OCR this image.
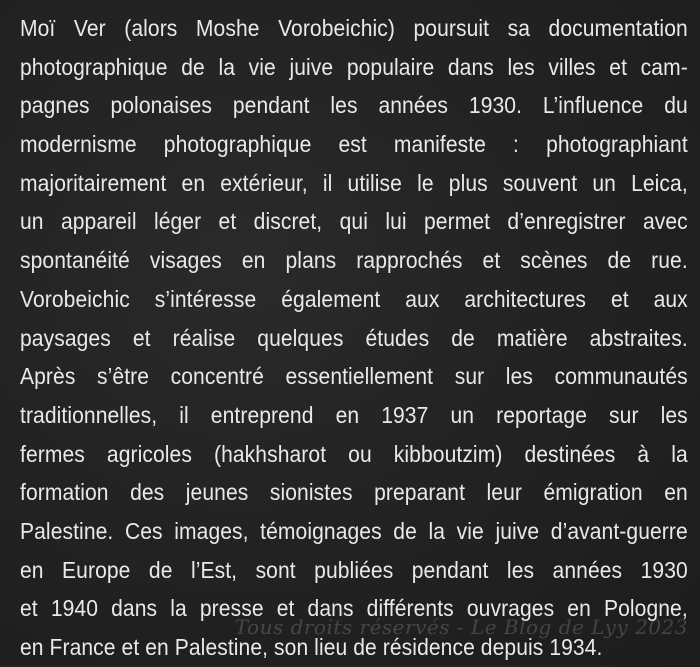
Moï Ver (alors Moshe Vorobeichic) poursuit sa documentation
photographique de la vie juive populaire dans les villes et cam-
pagnes polonaises pendant les années 1930. L’influence du
modernisme photographique est manifeste : photographiant
majoritairement en extérieur, il utilise le plus souvent un Leica,
un appareil léger et discret, qui lui permet d’enregistrer avec
spontanéité visages en plans rapprochés et scènes de rue.
Vorobeichic s’intéresse également aux architectures et aux
paysages et réalise quelques études de matière abstraites.
Après s’être concentré essentiellement sur les communautés
traditionnelles, il entreprend en 1937 un reportage sur les
fermes agricoles (hakhsharot ou kibboutzim) destinées à la
formation des jeunes sionistes preparant leur émigration en
Palestine. Ces images, témoignages de la vie juive d’avant-guerre
en Europe de l’Est, sont publiées pendant les années 1930
et 1940 dans la presse et dans différents ouvrages en Pologne,
en France et en Palestine, son lieu de résidence depuis 1934.
Tous droits réservés - Le Blog de Lyy 2023
